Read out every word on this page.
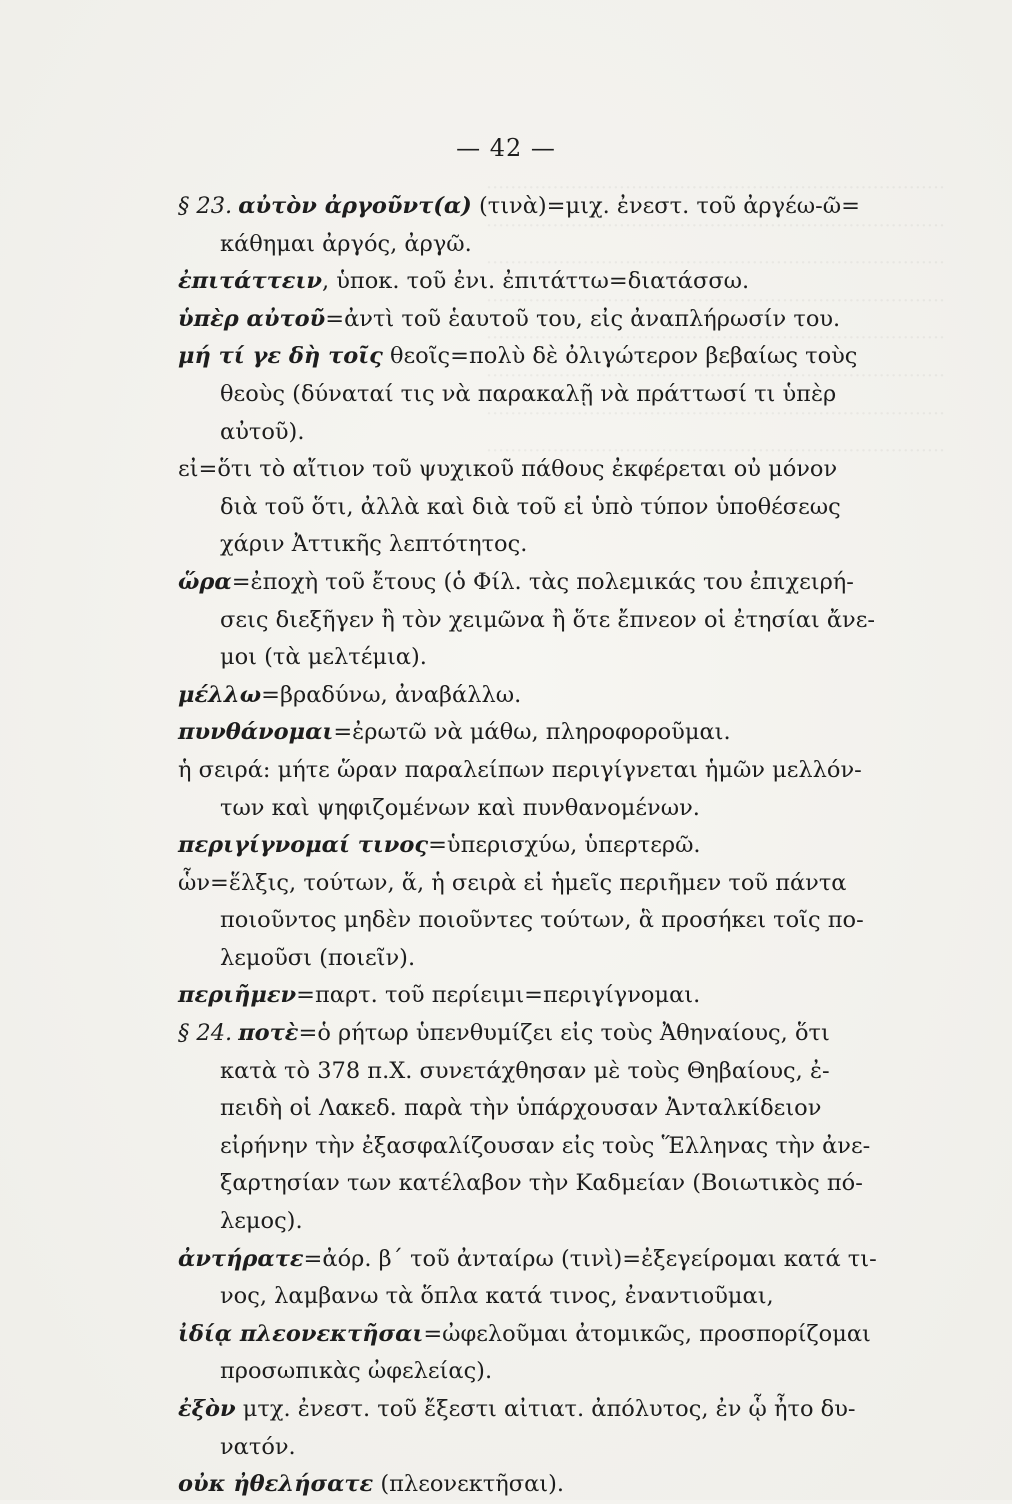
— 42 —
§ 23. αὐτὸν ἀργοῦντ(α) (τινὰ)=μιχ. ἐνεστ. τοῦ ἀργέω-ῶ=
κάθημαι ἀργός, ἀργῶ.
ἐπιτάττειν, ὑποκ. τοῦ ἐνι. ἐπιτάττω=διατάσσω.
ὑπὲρ αὐτοῦ=ἀντὶ τοῦ ἑαυτοῦ του, εἰς ἀναπλήρωσίν του.
μή τί γε δὴ τοῖς θεοῖς=πολὺ δὲ ὀλιγώτερον βεβαίως τοὺς
θεοὺς (δύναταί τις νὰ παρακαλῇ νὰ πράττωσί τι ὑπὲρ
αὐτοῦ).
εἰ=ὅτι τὸ αἴτιον τοῦ ψυχικοῦ πάθους ἐκφέρεται οὐ μόνον
διὰ τοῦ ὅτι, ἀλλὰ καὶ διὰ τοῦ εἰ ὑπὸ τύπον ὑποθέσεως
χάριν Ἀττικῆς λεπτότητος.
ὥρα=ἐποχὴ τοῦ ἔτους (ὁ Φίλ. τὰς πολεμικάς του ἐπιχειρή-
σεις διεξῆγεν ἢ τὸν χειμῶνα ἢ ὅτε ἔπνεον οἱ ἐτησίαι ἄνε-
μοι (τὰ μελτέμια).
μέλλω=βραδύνω, ἀναβάλλω.
πυνθάνομαι=ἐρωτῶ νὰ μάθω, πληροφοροῦμαι.
ἡ σειρά: μήτε ὥραν παραλείπων περιγίγνεται ἡμῶν μελλόν-
των καὶ ψηφιζομένων καὶ πυνθανομένων.
περιγίγνομαί τινος=ὑπερισχύω, ὑπερτερῶ.
ὧν=ἕλξις, τούτων, ἅ, ἡ σειρὰ εἰ ἡμεῖς περιῆμεν τοῦ πάντα
ποιοῦντος μηδὲν ποιοῦντες τούτων, ἃ προσήκει τοῖς πο-
λεμοῦσι (ποιεῖν).
περιῆμεν=παρτ. τοῦ περίειμι=περιγίγνομαι.
§ 24. ποτὲ=ὁ ρήτωρ ὑπενθυμίζει εἰς τοὺς Ἀθηναίους, ὅτι
κατὰ τὸ 378 π.Χ. συνετάχθησαν μὲ τοὺς Θηβαίους, ἐ-
πειδὴ οἱ Λακεδ. παρὰ τὴν ὑπάρχουσαν Ἀνταλκίδειον
εἰρήνην τὴν ἐξασφαλίζουσαν εἰς τοὺς Ἕλληνας τὴν ἀνε-
ξαρτησίαν των κατέλαβον τὴν Καδμείαν (Βοιωτικὸς πό-
λεμος).
ἀντήρατε=ἀόρ. β΄ τοῦ ἀνταίρω (τινὶ)=ἐξεγείρομαι κατά τι-
νος, λαμβανω τὰ ὅπλα κατά τινος, ἐναντιοῦμαι,
ἰδίᾳ πλεονεκτῆσαι=ὠφελοῦμαι ἀτομικῶς, προσπορίζομαι
προσωπικὰς ὠφελείας).
ἐξὸν μτχ. ἐνεστ. τοῦ ἔξεστι αἰτιατ. ἀπόλυτος, ἐν ᾧ ἦτο δυ-
νατόν.
οὐκ ἠθελήσατε (πλεονεκτῆσαι).
